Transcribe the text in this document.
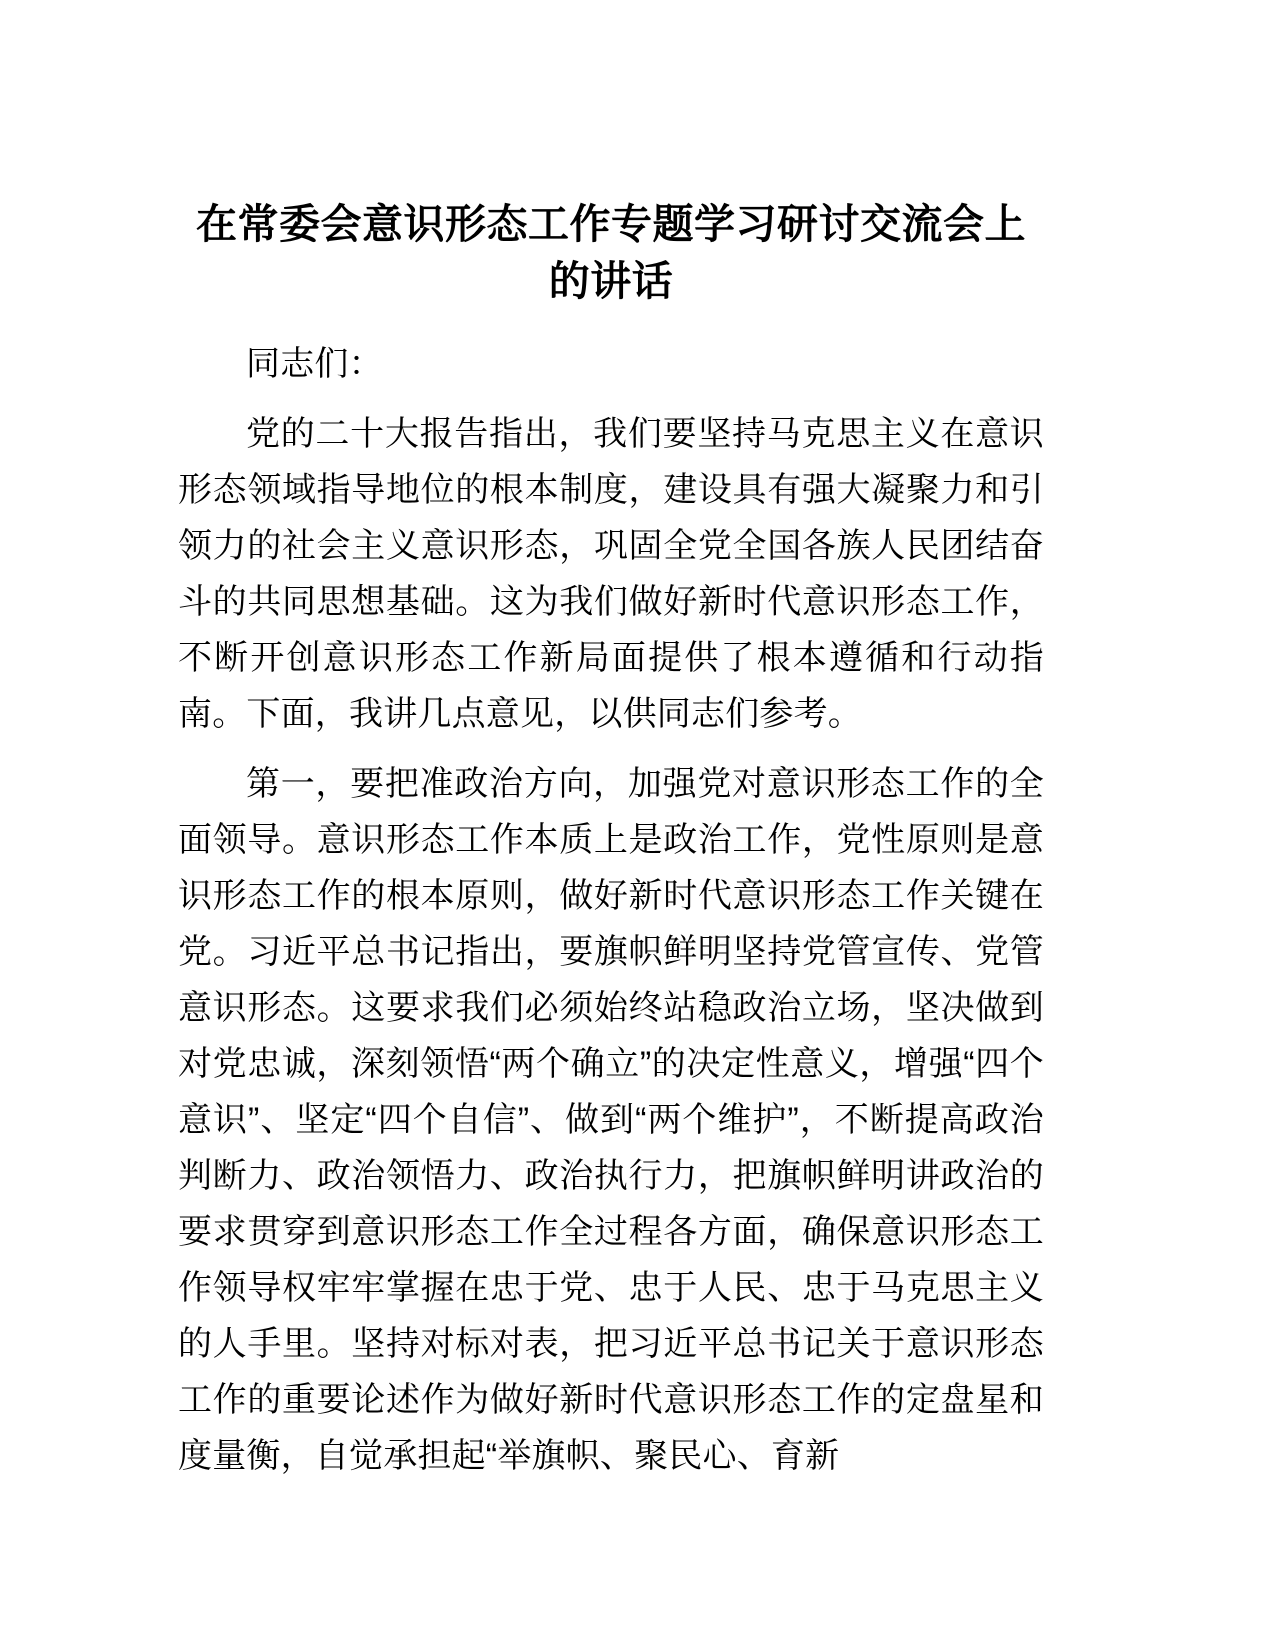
在常委会意识形态工作专题学习研讨交流会上的讲话

同志们：

党的二十大报告指出，我们要坚持马克思主义在意识形态领域指导地位的根本制度，建设具有强大凝聚力和引领力的社会主义意识形态，巩固全党全国各族人民团结奋斗的共同思想基础。这为我们做好新时代意识形态工作，不断开创意识形态工作新局面提供了根本遵循和行动指南。下面，我讲几点意见，以供同志们参考。

第一，要把准政治方向，加强党对意识形态工作的全面领导。意识形态工作本质上是政治工作，党性原则是意识形态工作的根本原则，做好新时代意识形态工作关键在党。习近平总书记指出，要旗帜鲜明坚持党管宣传、党管意识形态。这要求我们必须始终站稳政治立场，坚决做到对党忠诚，深刻领悟“两个确立”的决定性意义，增强“四个意识”、坚定“四个自信”、做到“两个维护”，不断提高政治判断力、政治领悟力、政治执行力，把旗帜鲜明讲政治的要求贯穿到意识形态工作全过程各方面，确保意识形态工作领导权牢牢掌握在忠于党、忠于人民、忠于马克思主义的人手里。坚持对标对表，把习近平总书记关于意识形态工作的重要论述作为做好新时代意识形态工作的定盘星和度量衡，自觉承担起“举旗帜、聚民心、育新
